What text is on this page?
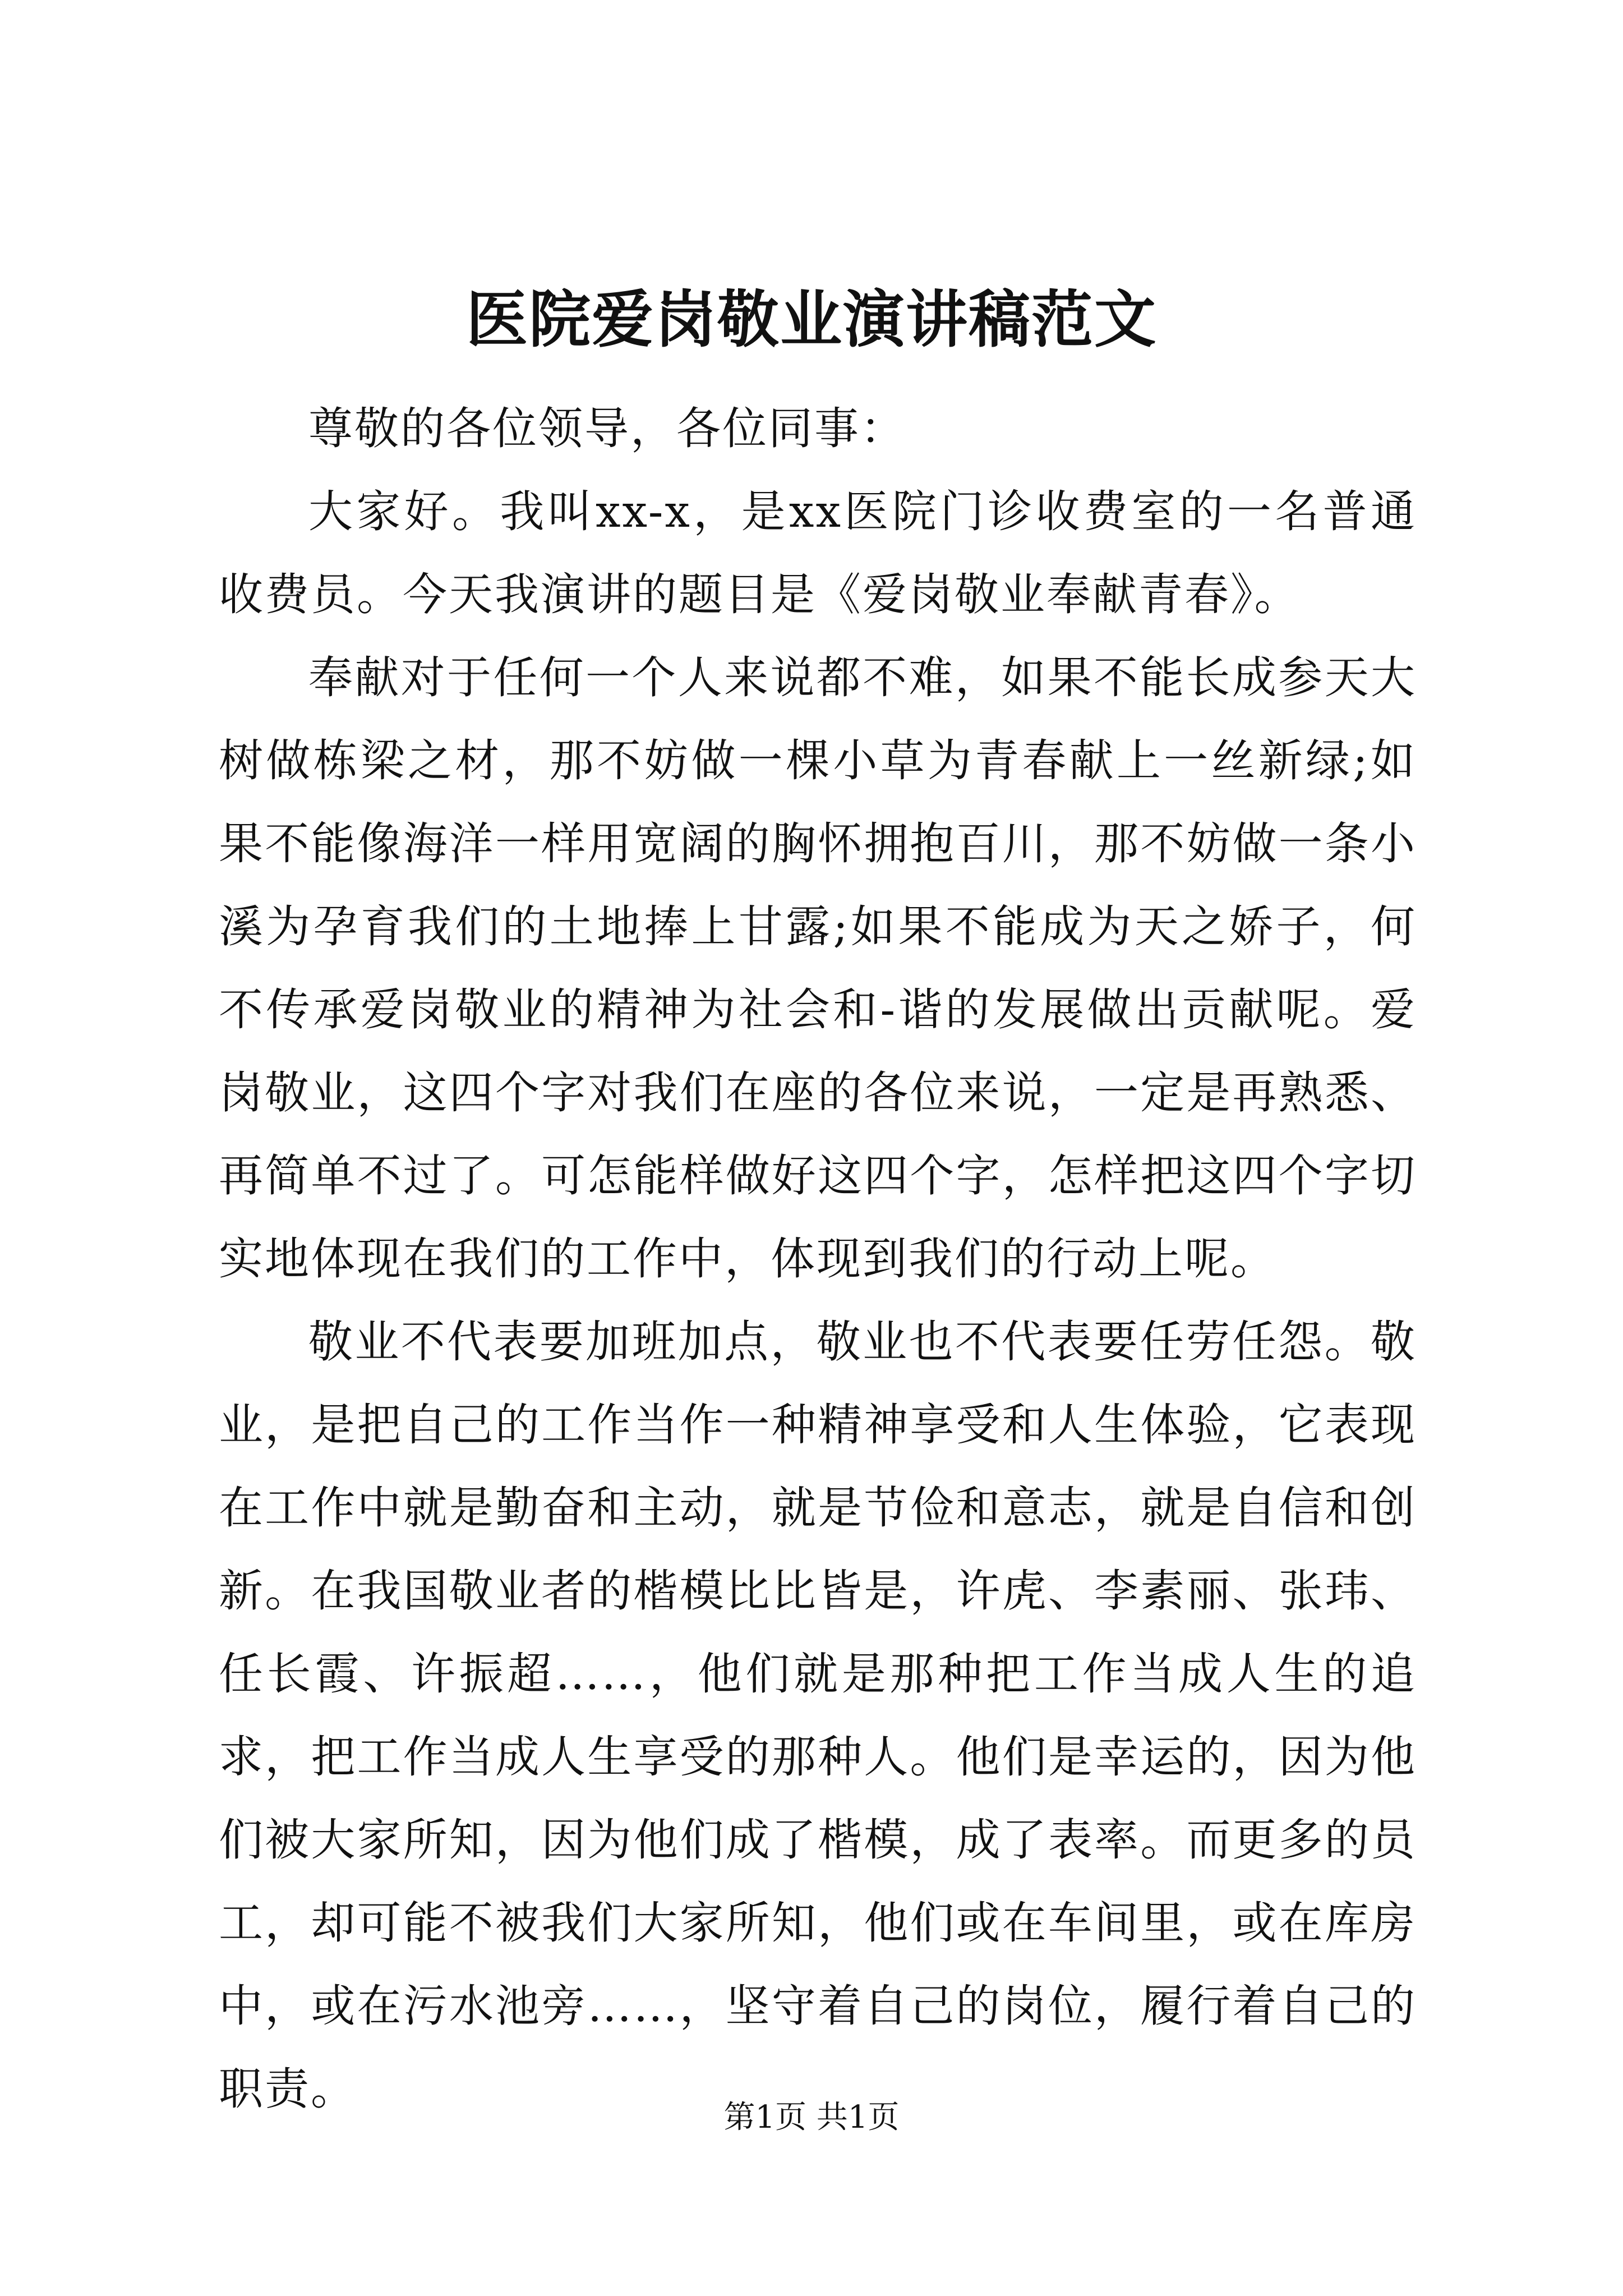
医院爱岗敬业演讲稿范文

尊敬的各位领导，各位同事：

大家好。我叫xx-x，是xx医院门诊收费室的一名普通收费员。今天我演讲的题目是《爱岗敬业奉献青春》。

奉献对于任何一个人来说都不难，如果不能长成参天大树做栋梁之材，那不妨做一棵小草为青春献上一丝新绿;如果不能像海洋一样用宽阔的胸怀拥抱百川，那不妨做一条小溪为孕育我们的土地捧上甘露;如果不能成为天之娇子，何不传承爱岗敬业的精神为社会和-谐的发展做出贡献呢。爱岗敬业，这四个字对我们在座的各位来说，一定是再熟悉、再简单不过了。可怎能样做好这四个字，怎样把这四个字切实地体现在我们的工作中，体现到我们的行动上呢。

敬业不代表要加班加点，敬业也不代表要任劳任怨。敬业，是把自己的工作当作一种精神享受和人生体验，它表现在工作中就是勤奋和主动，就是节俭和意志，就是自信和创新。在我国敬业者的楷模比比皆是，许虎、李素丽、张玮、任长霞、许振超……，他们就是那种把工作当成人生的追求，把工作当成人生享受的那种人。他们是幸运的，因为他们被大家所知，因为他们成了楷模，成了表率。而更多的员工，却可能不被我们大家所知，他们或在车间里，或在库房中，或在污水池旁……，坚守着自己的岗位，履行着自己的职责。

第1页 共1页
